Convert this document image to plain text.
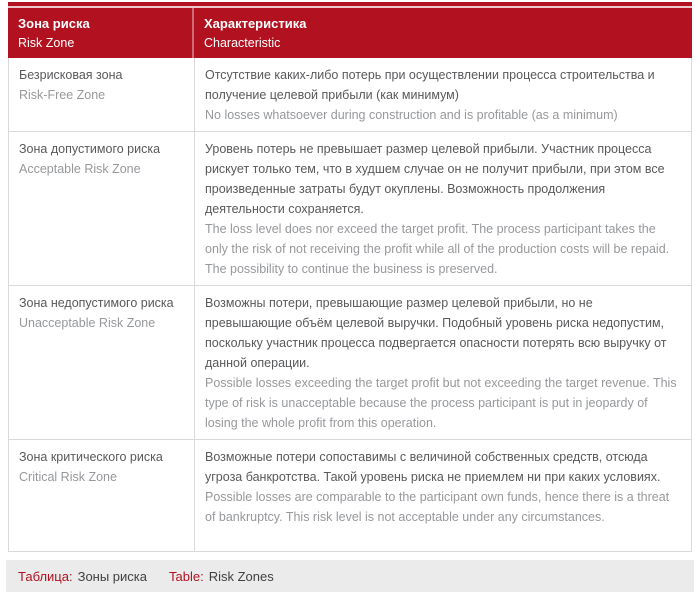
Зона риска
Risk Zone
Характеристика
Characteristic
Безрисковая зона
Risk-Free Zone
Отсутствие каких-либо потерь при осуществлении процесса строительства и получение целевой прибыли (как минимум)
No losses whatsoever during construction and is profitable (as a minimum)
Зона допустимого риска
Acceptable Risk Zone
Уровень потерь не превышает размер целевой прибыли. Участник процесса рискует только тем, что в худшем случае он не получит прибыли, при этом все произведенные затраты будут окуплены. Возможность продолжения деятельности сохраняется.
The loss level does nor exceed the target profit. The process participant takes the only the risk of not receiving the profit while all of the production costs will be repaid. The possibility to continue the business is preserved.
Зона недопустимого риска
Unacceptable Risk Zone
Возможны потери, превышающие размер целевой прибыли, но не превышающие объём целевой выручки. Подобный уровень риска недопустим, поскольку участник процесса подвергается опасности потерять всю выручку от данной операции.
Possible losses exceeding the target profit but not exceeding the target revenue. This type of risk is unacceptable because the process participant is put in jeopardy of losing the whole profit from this operation.
Зона критического риска
Critical Risk Zone
Возможные потери сопоставимы с величиной собственных средств, отсюда угроза банкротства. Такой уровень риска не приемлем ни при каких условиях.
Possible losses are comparable to the participant own funds, hence there is a threat of bankruptcy. This risk level is not acceptable under any circumstances.
Таблица: Зоны риска Table: Risk Zones
